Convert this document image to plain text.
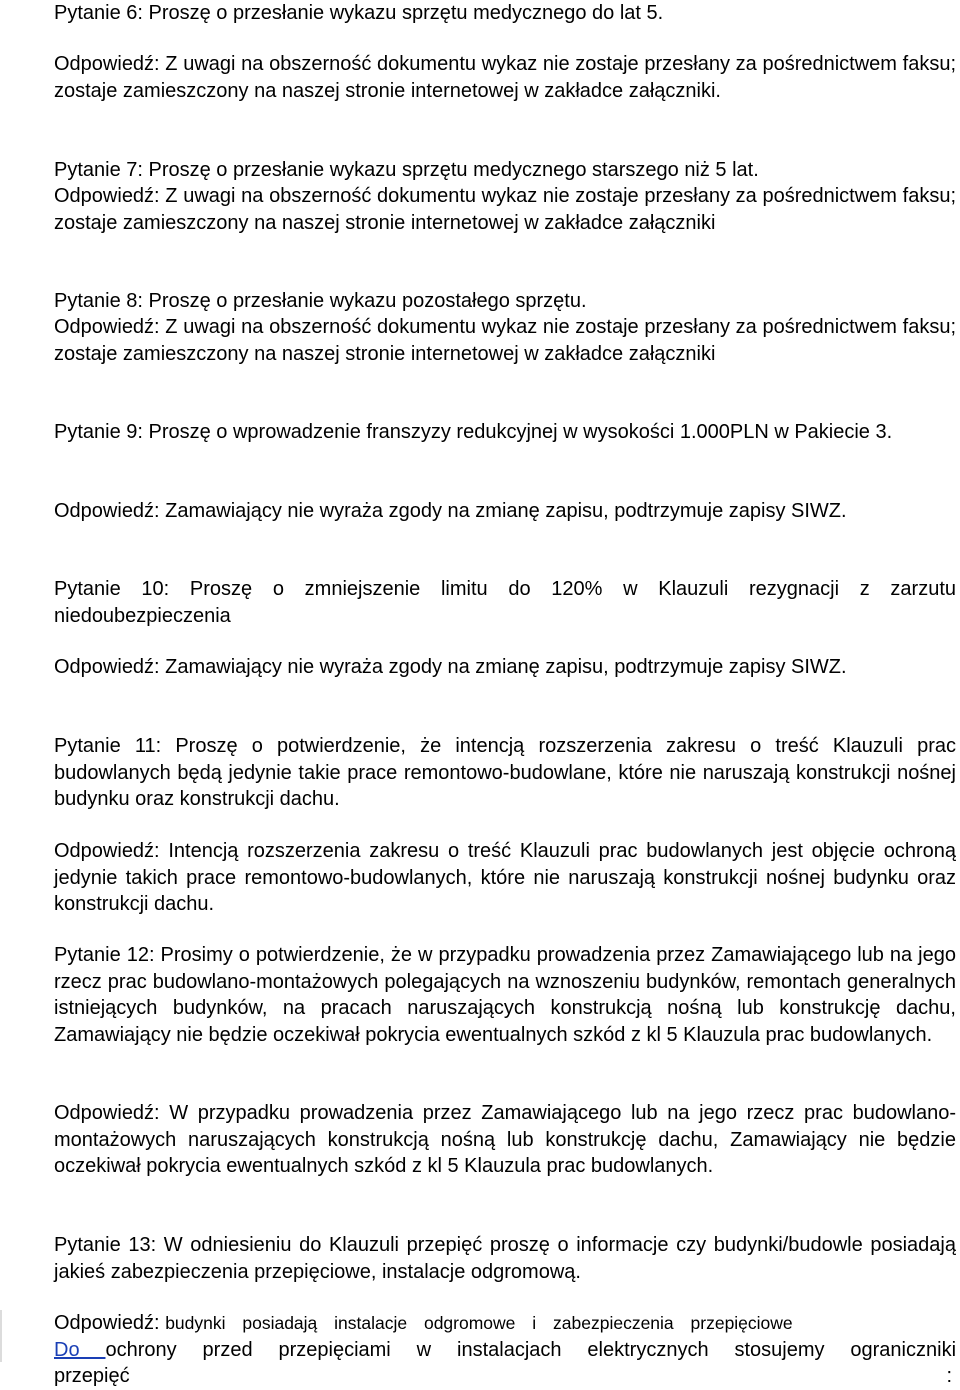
Pytanie 6: Proszę o przesłanie wykazu sprzętu medycznego do lat 5.

Odpowiedź: Z uwagi na obszerność dokumentu wykaz nie zostaje przesłany za pośrednictwem faksu; zostaje zamieszczony na naszej stronie internetowej w zakładce załączniki.

Pytanie 7: Proszę o przesłanie wykazu sprzętu medycznego starszego niż 5 lat.

Odpowiedź: Z uwagi na obszerność dokumentu wykaz nie zostaje przesłany za pośrednictwem faksu; zostaje zamieszczony na naszej stronie internetowej w zakładce załączniki

Pytanie 8: Proszę o przesłanie wykazu pozostałego sprzętu.

Odpowiedź: Z uwagi na obszerność dokumentu wykaz nie zostaje przesłany za pośrednictwem faksu; zostaje zamieszczony na naszej stronie internetowej w zakładce załączniki

Pytanie 9: Proszę o wprowadzenie franszyzy redukcyjnej w wysokości 1.000PLN w Pakiecie 3.

Odpowiedź: Zamawiający nie wyraża zgody na zmianę zapisu, podtrzymuje zapisy SIWZ.

Pytanie 10: Proszę o zmniejszenie limitu do 120% w Klauzuli rezygnacji z zarzutu niedoubezpieczenia

Odpowiedź: Zamawiający nie wyraża zgody na zmianę zapisu, podtrzymuje zapisy SIWZ.

Pytanie 11: Proszę o potwierdzenie, że intencją rozszerzenia zakresu o treść Klauzuli prac budowlanych będą jedynie takie prace remontowo-budowlane, które nie naruszają konstrukcji nośnej budynku oraz konstrukcji dachu.

Odpowiedź: Intencją rozszerzenia zakresu o treść Klauzuli prac budowlanych jest objęcie ochroną jedynie takich prace remontowo-budowlanych, które nie naruszają konstrukcji nośnej budynku oraz konstrukcji dachu.

Pytanie 12: Prosimy o potwierdzenie, że w przypadku prowadzenia przez Zamawiającego lub na jego rzecz prac budowlano-montażowych polegających na wznoszeniu budynków, remontach generalnych istniejących budynków, na pracach naruszających konstrukcją nośną lub konstrukcję dachu, Zamawiający nie będzie oczekiwał pokrycia ewentualnych szkód z kl 5 Klauzula prac budowlanych.

Odpowiedź: W przypadku prowadzenia przez Zamawiającego lub na jego rzecz prac budowlano-montażowych naruszających konstrukcją nośną lub konstrukcję dachu, Zamawiający nie będzie oczekiwał pokrycia ewentualnych szkód z kl 5 Klauzula prac budowlanych.

Pytanie 13: W odniesieniu do Klauzuli przepięć proszę o informacje czy budynki/budowle posiadają jakieś zabezpieczenia przepięciowe, instalacje odgromową.

Odpowiedź: budynki posiadają instalacje odgromowe i zabezpieczenia przepięciowe
Do ochrony przed przepięciami w instalacjach elektrycznych stosujemy ograniczniki
przepięć	:
